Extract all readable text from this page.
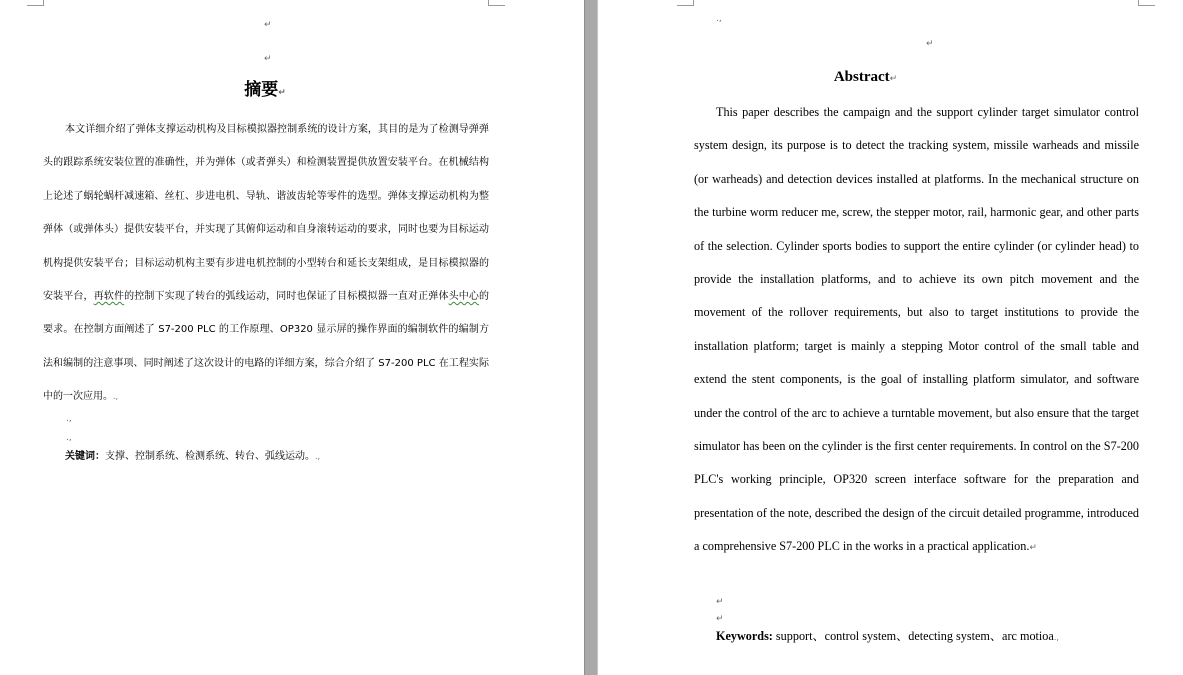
↵
↵
摘要↵

本文详细介绍了弹体支撑运动机构及目标模拟器控制系统的设计方案，其目的是为了检测导弹弹头的跟踪系统安装位置的准确性，并为弹体（或者弹头）和检测装置提供放置安装平台。在机械结构上论述了蜗轮蜗杆减速箱、丝杠、步进电机、导轨、谐波齿轮等零件的选型。弹体支撑运动机构为整弹体（或弹体头）提供安装平台，并实现了其俯仰运动和自身滚转运动的要求，同时也要为目标运动机构提供安装平台；目标运动机构主要有步进电机控制的小型转台和延长支架组成，是目标模拟器的安装平台，再软件的控制下实现了转台的弧线运动，同时也保证了目标模拟器一直对正弹体头中心的要求。在控制方面阐述了 S7-200 PLC 的工作原理、OP320 显示屏的操作界面的编制软件的编制方法和编制的注意事项、同时阐述了这次设计的电路的详细方案，综合介绍了 S7-200 PLC 在工程实际中的一次应用。.,

.,
.,
关键词：支撑、控制系统、检测系统、转台、弧线运动。.,
.,
↵
Abstract↵

This paper describes the campaign and the support cylinder target simulator control system design, its purpose is to detect the tracking system, missile warheads and missile (or warheads) and detection devices installed at platforms. In the mechanical structure on the turbine worm reducer me, screw, the stepper motor, rail, harmonic gear, and other parts of the selection. Cylinder sports bodies to support the entire cylinder (or cylinder head) to provide the installation platforms, and to achieve its own pitch movement and the movement of the rollover requirements, but also to target institutions to provide the installation platform; target is mainly a stepping Motor control of the small table and extend the stent components, is the goal of installing platform simulator, and software under the control of the arc to achieve a turntable movement, but also ensure that the target simulator has been on the cylinder is the first center requirements. In control on the S7-200 PLC's working principle, OP320 screen interface software for the preparation and presentation of the note, described the design of the circuit detailed programme, introduced a comprehensive S7-200 PLC in the works in a practical application.↵

↵
↵
Keywords: support、control system、detecting system、arc motioa.,
